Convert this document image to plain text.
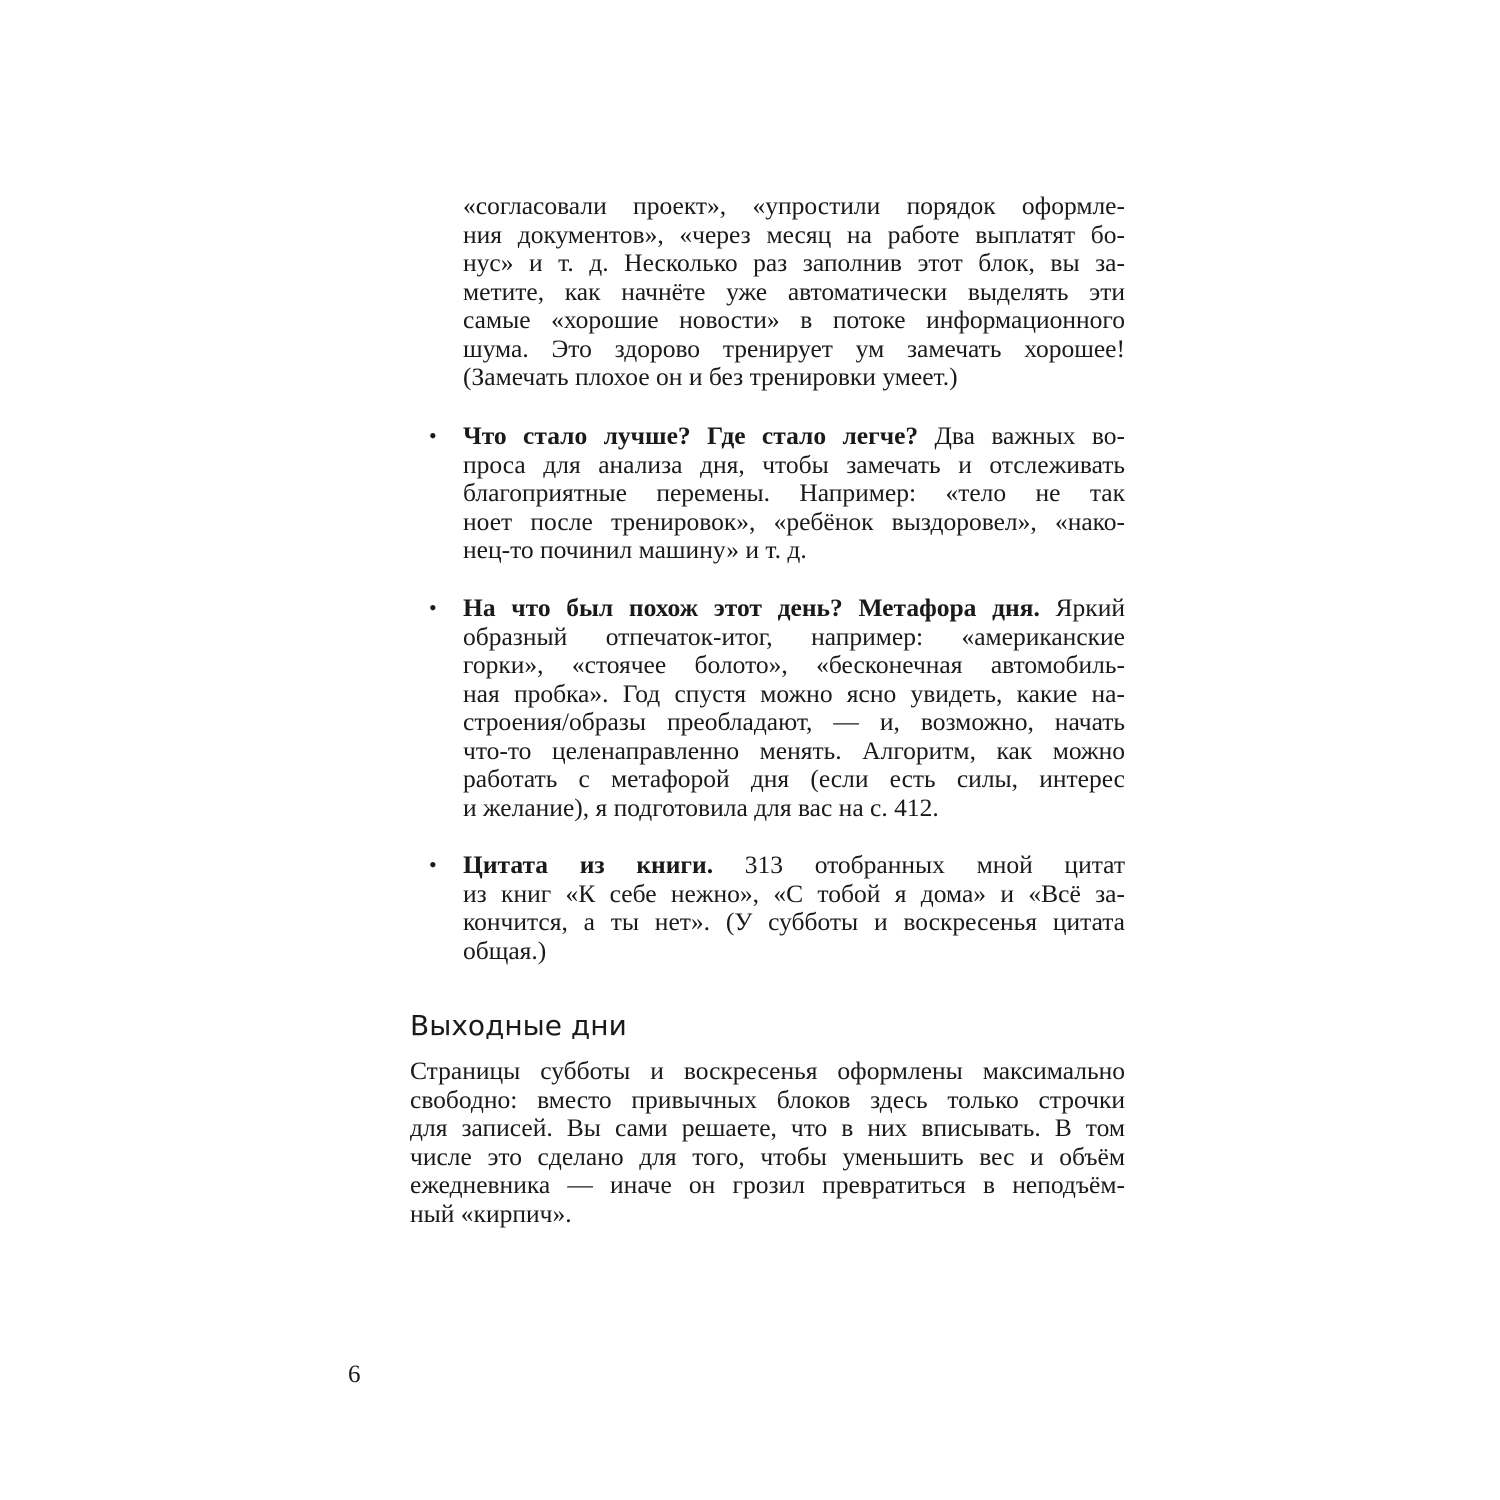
«согласовали проект», «упростили порядок оформле-
ния документов», «через месяц на работе выплатят бо-
нус» и т. д. Несколько раз заполнив этот блок, вы за-
метите, как начнёте уже автоматически выделять эти
самые «хорошие новости» в потоке информационного
шума. Это здорово тренирует ум замечать хорошее!
(Замечать плохое он и без тренировки умеет.)
• Что стало лучше? Где стало легче? Два важных во-
проса для анализа дня, чтобы замечать и отслеживать
благоприятные перемены. Например: «тело не так
ноет после тренировок», «ребёнок выздоровел», «нако-
нец-то починил машину» и т. д.
• На что был похож этот день? Метафора дня. Яркий
образный отпечаток-итог, например: «американские
горки», «стоячее болото», «бесконечная автомобиль-
ная пробка». Год спустя можно ясно увидеть, какие на-
строения/образы преобладают, — и, возможно, начать
что-то целенаправленно менять. Алгоритм, как можно
работать с метафорой дня (если есть силы, интерес
и желание), я подготовила для вас на с. 412.
• Цитата из книги. 313 отобранных мной цитат
из книг «К себе нежно», «С тобой я дома» и «Всё за-
кончится, а ты нет». (У субботы и воскресенья цитата
общая.)
Выходные дни
Страницы субботы и воскресенья оформлены максимально
свободно: вместо привычных блоков здесь только строчки
для записей. Вы сами решаете, что в них вписывать. В том
числе это сделано для того, чтобы уменьшить вес и объём
ежедневника — иначе он грозил превратиться в неподъём-
ный «кирпич».
6
